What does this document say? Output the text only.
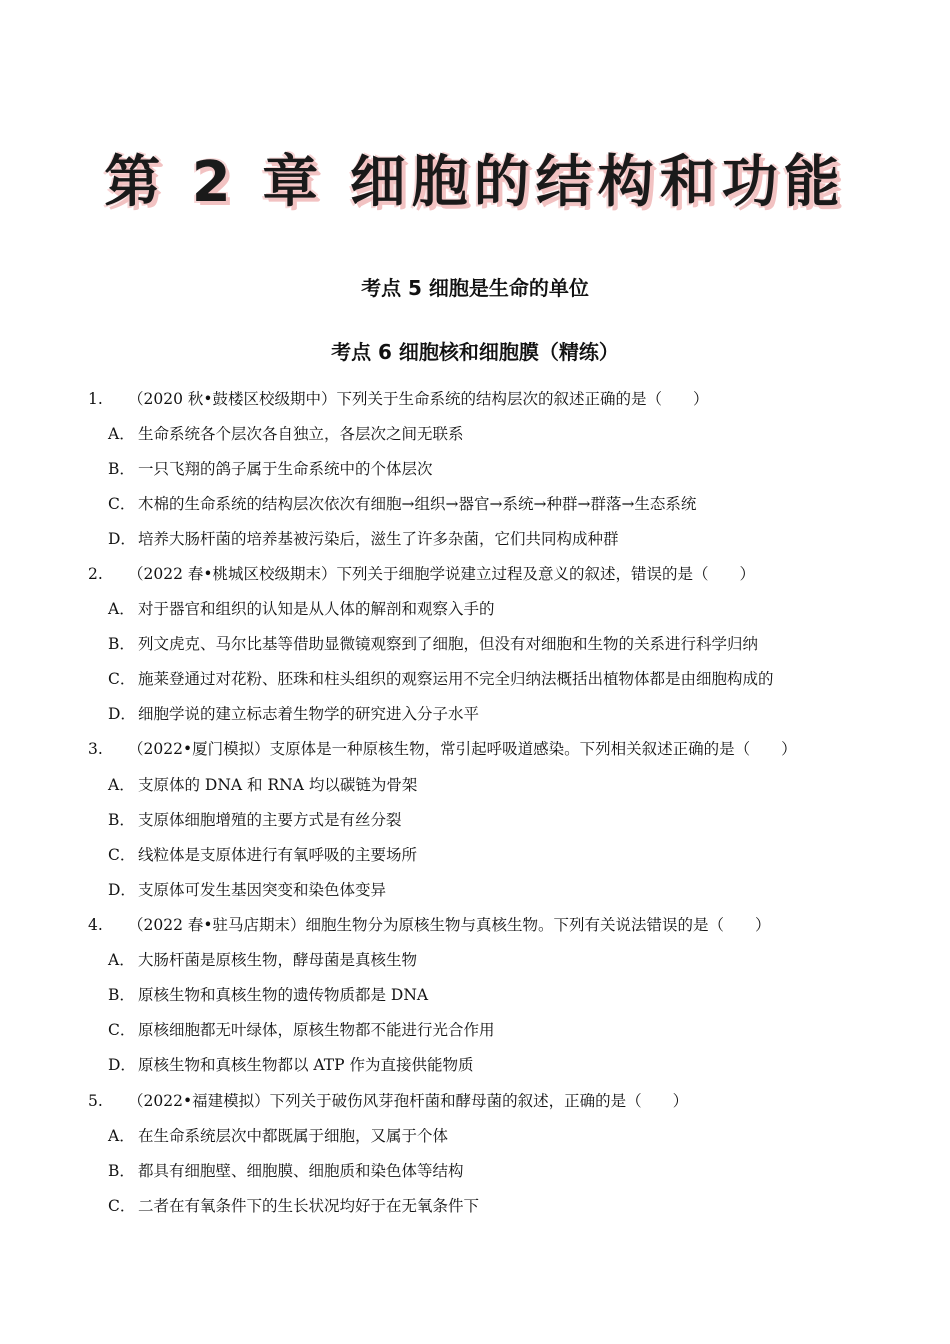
第 2 章 细胞的结构和功能
考点 5 细胞是生命的单位
考点 6 细胞核和细胞膜（精练）
1. （2020 秋•鼓楼区校级期中）下列关于生命系统的结构层次的叙述正确的是（　　）
A． 生命系统各个层次各自独立，各层次之间无联系
B． 一只飞翔的鸽子属于生命系统中的个体层次
C． 木棉的生命系统的结构层次依次有细胞→组织→器官→系统→种群→群落→生态系统
D． 培养大肠杆菌的培养基被污染后，滋生了许多杂菌，它们共同构成种群
2. （2022 春•桃城区校级期末）下列关于细胞学说建立过程及意义的叙述，错误的是（　　）
A． 对于器官和组织的认知是从人体的解剖和观察入手的
B． 列文虎克、马尔比基等借助显微镜观察到了细胞，但没有对细胞和生物的关系进行科学归纳
C． 施莱登通过对花粉、胚珠和柱头组织的观察运用不完全归纳法概括出植物体都是由细胞构成的
D． 细胞学说的建立标志着生物学的研究进入分子水平
3. （2022•厦门模拟）支原体是一种原核生物，常引起呼吸道感染。下列相关叙述正确的是（　　）
A． 支原体的 DNA 和 RNA 均以碳链为骨架
B． 支原体细胞增殖的主要方式是有丝分裂
C． 线粒体是支原体进行有氧呼吸的主要场所
D． 支原体可发生基因突变和染色体变异
4. （2022 春•驻马店期末）细胞生物分为原核生物与真核生物。下列有关说法错误的是（　　）
A． 大肠杆菌是原核生物，酵母菌是真核生物
B． 原核生物和真核生物的遗传物质都是 DNA
C． 原核细胞都无叶绿体，原核生物都不能进行光合作用
D． 原核生物和真核生物都以 ATP 作为直接供能物质
5. （2022•福建模拟）下列关于破伤风芽孢杆菌和酵母菌的叙述，正确的是（　　）
A． 在生命系统层次中都既属于细胞，又属于个体
B． 都具有细胞壁、细胞膜、细胞质和染色体等结构
C． 二者在有氧条件下的生长状况均好于在无氧条件下
